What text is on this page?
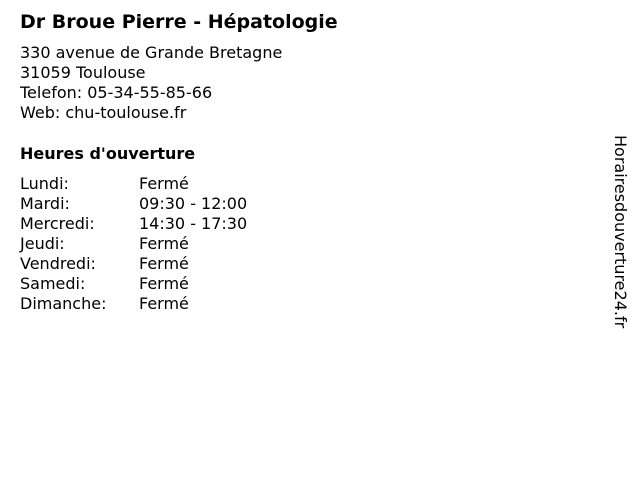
Dr Broue Pierre - Hépatologie
330 avenue de Grande Bretagne
31059 Toulouse
Telefon: 05-34-55-85-66
Web: chu-toulouse.fr
Heures d'ouverture
Lundi:	Fermé
Mardi:	09:30 - 12:00
Mercredi:	14:30 - 17:30
Jeudi:	Fermé
Vendredi:	Fermé
Samedi:	Fermé
Dimanche: Fermé	Horairesdouverture24.fr
